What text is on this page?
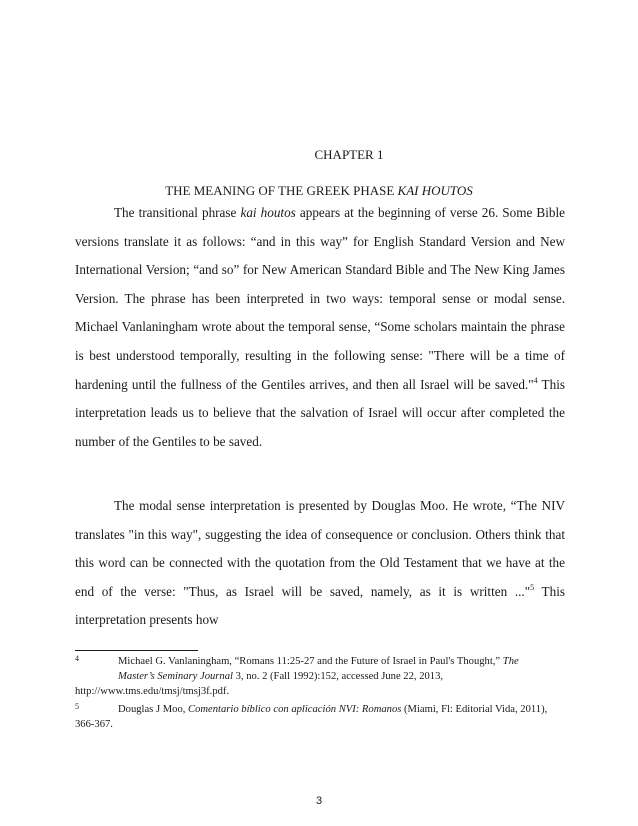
CHAPTER 1
THE MEANING OF THE GREEK PHASE KAI HOUTOS

The transitional phrase kai houtos appears at the beginning of verse 26. Some Bible versions translate it as follows: “and in this way” for English Standard Version and New International Version; “and so” for New American Standard Bible and The New King James Version. The phrase has been interpreted in two ways: temporal sense or modal sense. Michael Vanlaningham wrote about the temporal sense, “Some scholars maintain the phrase is best understood temporally, resulting in the following sense: "There will be a time of hardening until the fullness of the Gentiles arrives, and then all Israel will be saved."$^4$ This interpretation leads us to believe that the salvation of Israel will occur after completed the number of the Gentiles to be saved.

The modal sense interpretation is presented by Douglas Moo. He wrote, “The NIV translates "in this way", suggesting the idea of consequence or conclusion. Others think that this word can be connected with the quotation from the Old Testament that we have at the end of the verse: "Thus, as Israel will be saved, namely, as it is written ..."$^5$ This interpretation presents how

4	Michael G. Vanlaningham, “Romans 11:25-27 and the Future of Israel in Paul's Thought,” The
Master’s Seminary Journal 3, no. 2 (Fall 1992):152, accessed June 22, 2013,
http://www.tms.edu/tmsj/tmsj3f.pdf.
5	Douglas J Moo, Comentario bíblico con aplicación NVI: Romanos (Miami, Fl: Editorial Vida, 2011), 366-367.
3
